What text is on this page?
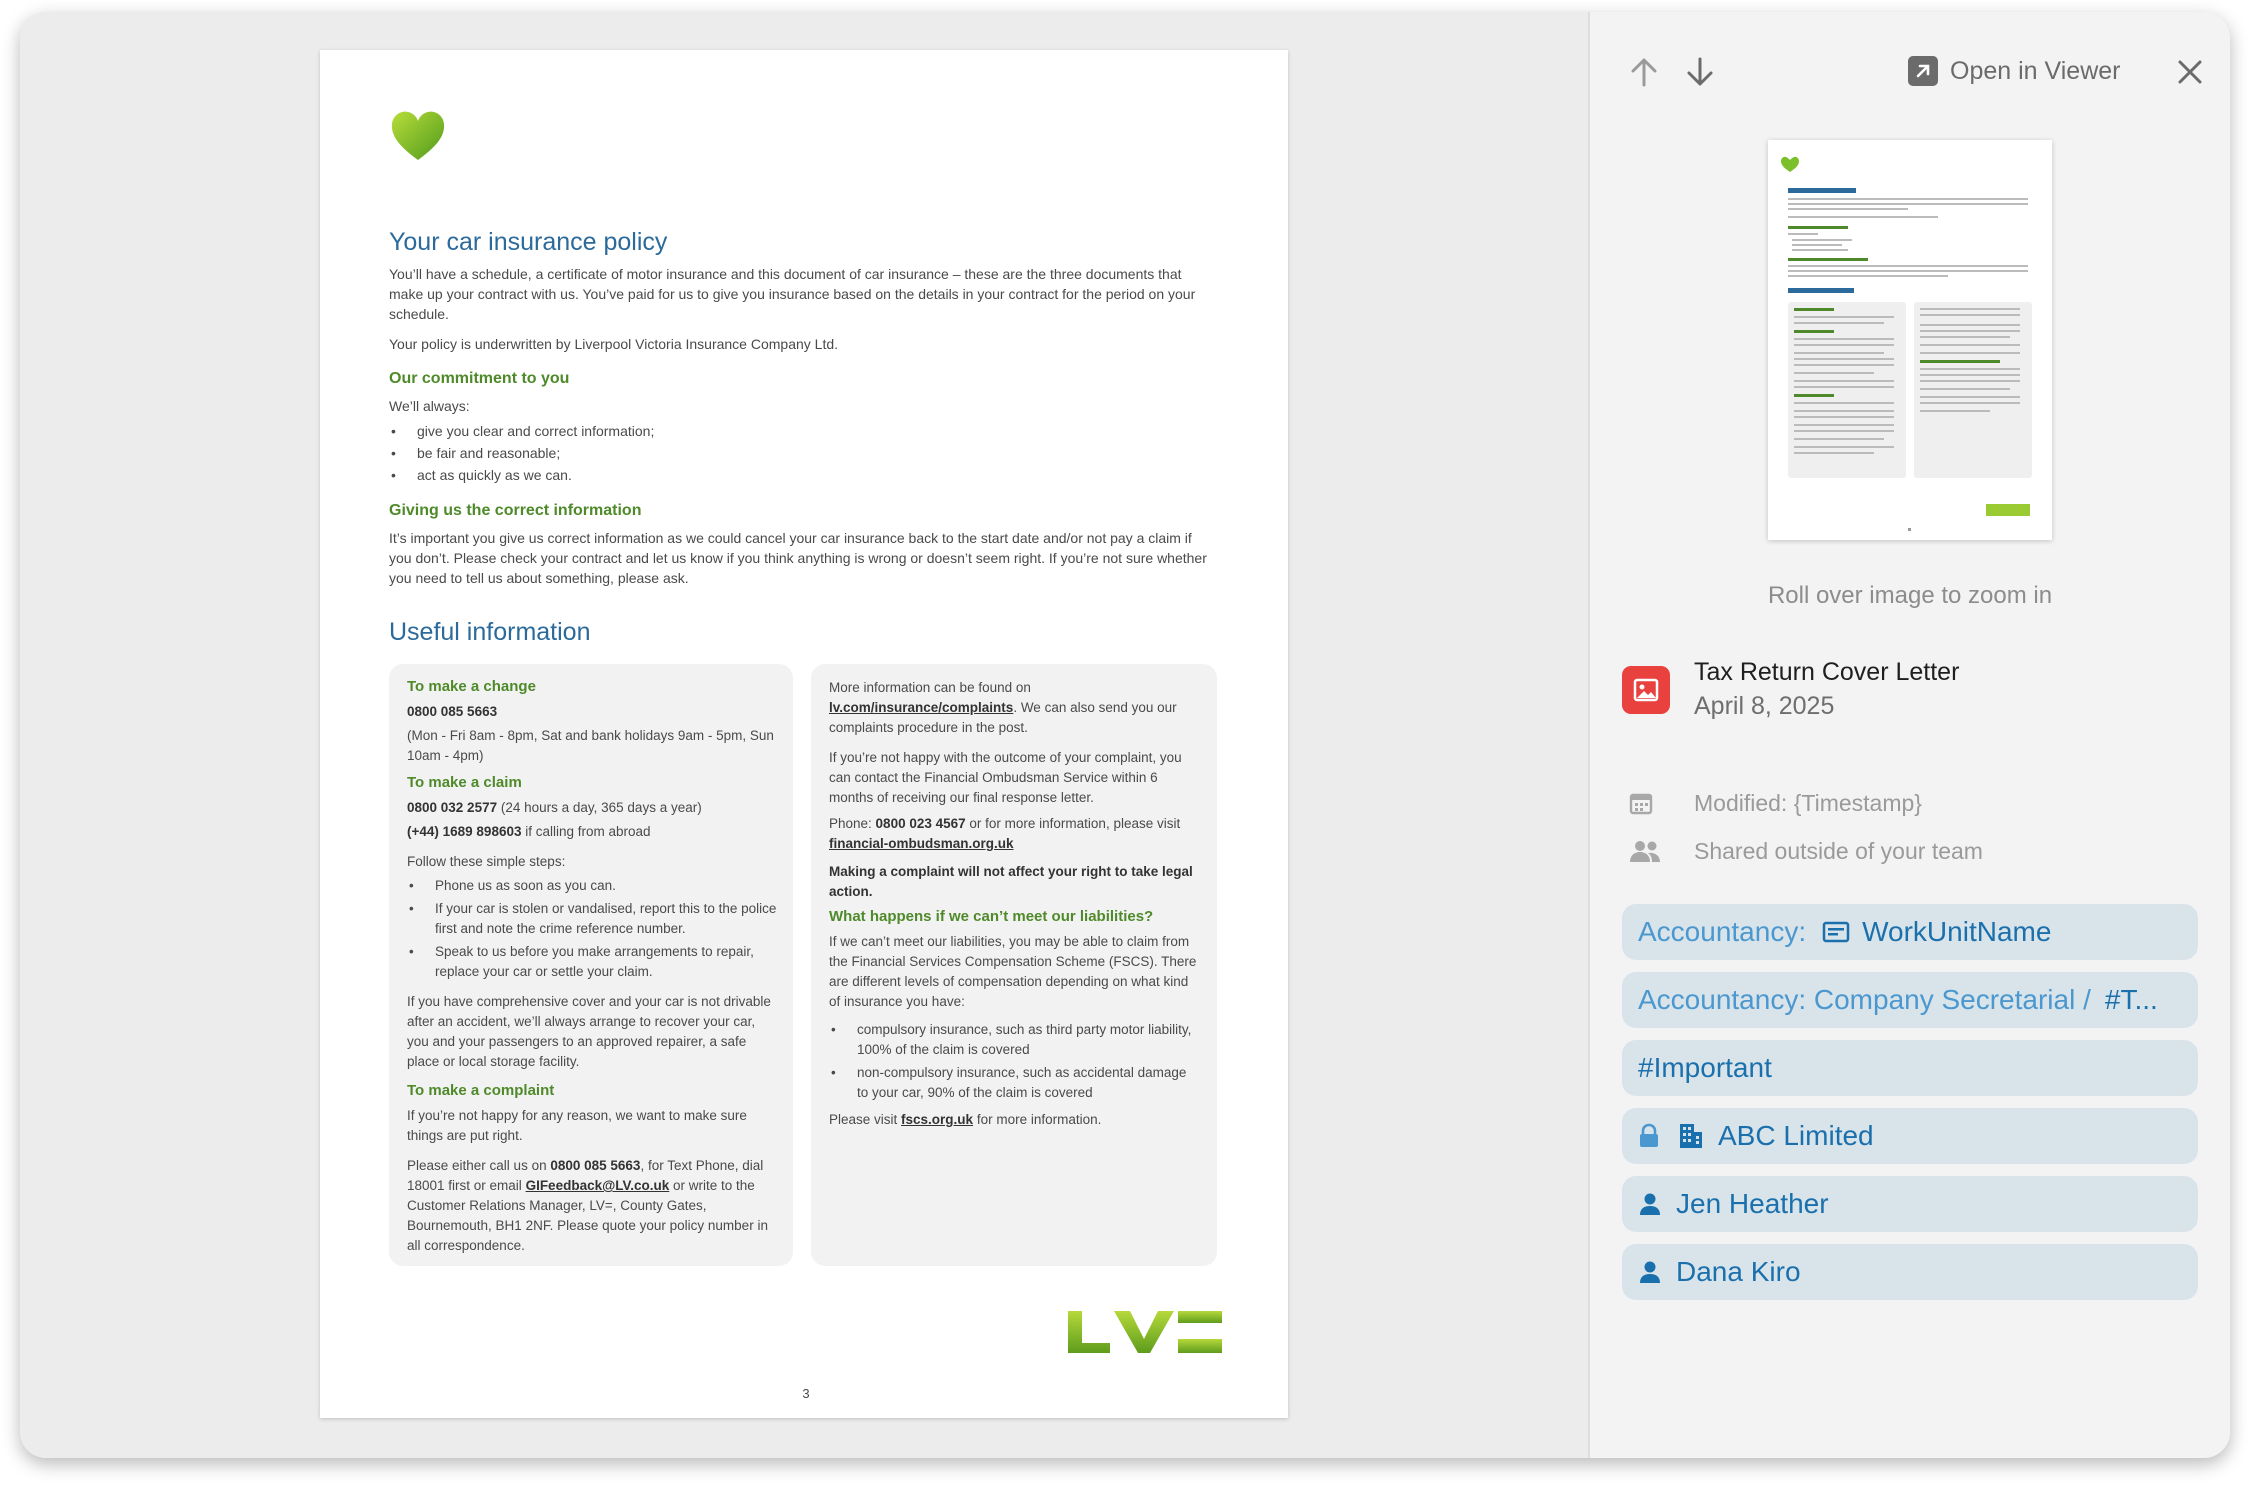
Your car insurance policy
You’ll have a schedule, a certificate of motor insurance and this document of car insurance – these are the three documents that make up your contract with us. You’ve paid for us to give you insurance based on the details in your contract for the period on your schedule.
Your policy is underwritten by Liverpool Victoria Insurance Company Ltd.
Our commitment to you
We’ll always:
• give you clear and correct information;
• be fair and reasonable;
• act as quickly as we can.
Giving us the correct information
It’s important you give us correct information as we could cancel your car insurance back to the start date and/or not pay a claim if you don’t. Please check your contract and let us know if you think anything is wrong or doesn’t seem right. If you’re not sure whether you need to tell us about something, please ask.
Useful information
To make a change
0800 085 5663
(Mon - Fri 8am - 8pm, Sat and bank holidays 9am - 5pm, Sun 10am - 4pm)
To make a claim
0800 032 2577 (24 hours a day, 365 days a year)
(+44) 1689 898603 if calling from abroad
Follow these simple steps:
• Phone us as soon as you can.
• If your car is stolen or vandalised, report this to the police first and note the crime reference number.
• Speak to us before you make arrangements to repair, replace your car or settle your claim.
If you have comprehensive cover and your car is not drivable after an accident, we’ll always arrange to recover your car, you and your passengers to an approved repairer, a safe place or local storage facility.
To make a complaint
If you’re not happy for any reason, we want to make sure things are put right.
Please either call us on 0800 085 5663, for Text Phone, dial 18001 first or email GIFeedback@LV.co.uk or write to the Customer Relations Manager, LV=, County Gates, Bournemouth, BH1 2NF. Please quote your policy number in all correspondence.
More information can be found on lv.com/insurance/complaints. We can also send you our complaints procedure in the post.
If you’re not happy with the outcome of your complaint, you can contact the Financial Ombudsman Service within 6 months of receiving our final response letter.
Phone: 0800 023 4567 or for more information, please visit financial-ombudsman.org.uk
Making a complaint will not affect your right to take legal action.
What happens if we can’t meet our liabilities?
If we can’t meet our liabilities, you may be able to claim from the Financial Services Compensation Scheme (FSCS). There are different levels of compensation depending on what kind of insurance you have:
• compulsory insurance, such as third party motor liability, 100% of the claim is covered
• non-compulsory insurance, such as accidental damage to your car, 90% of the claim is covered
Please visit fscs.org.uk for more information.
3
Open in Viewer
Roll over image to zoom in
Tax Return Cover Letter
April 8, 2025
Modified: {Timestamp}
Shared outside of your team
Accountancy: WorkUnitName
Accountancy: Company Secretarial / #T...
#Important
ABC Limited
Jen Heather
Dana Kiro
